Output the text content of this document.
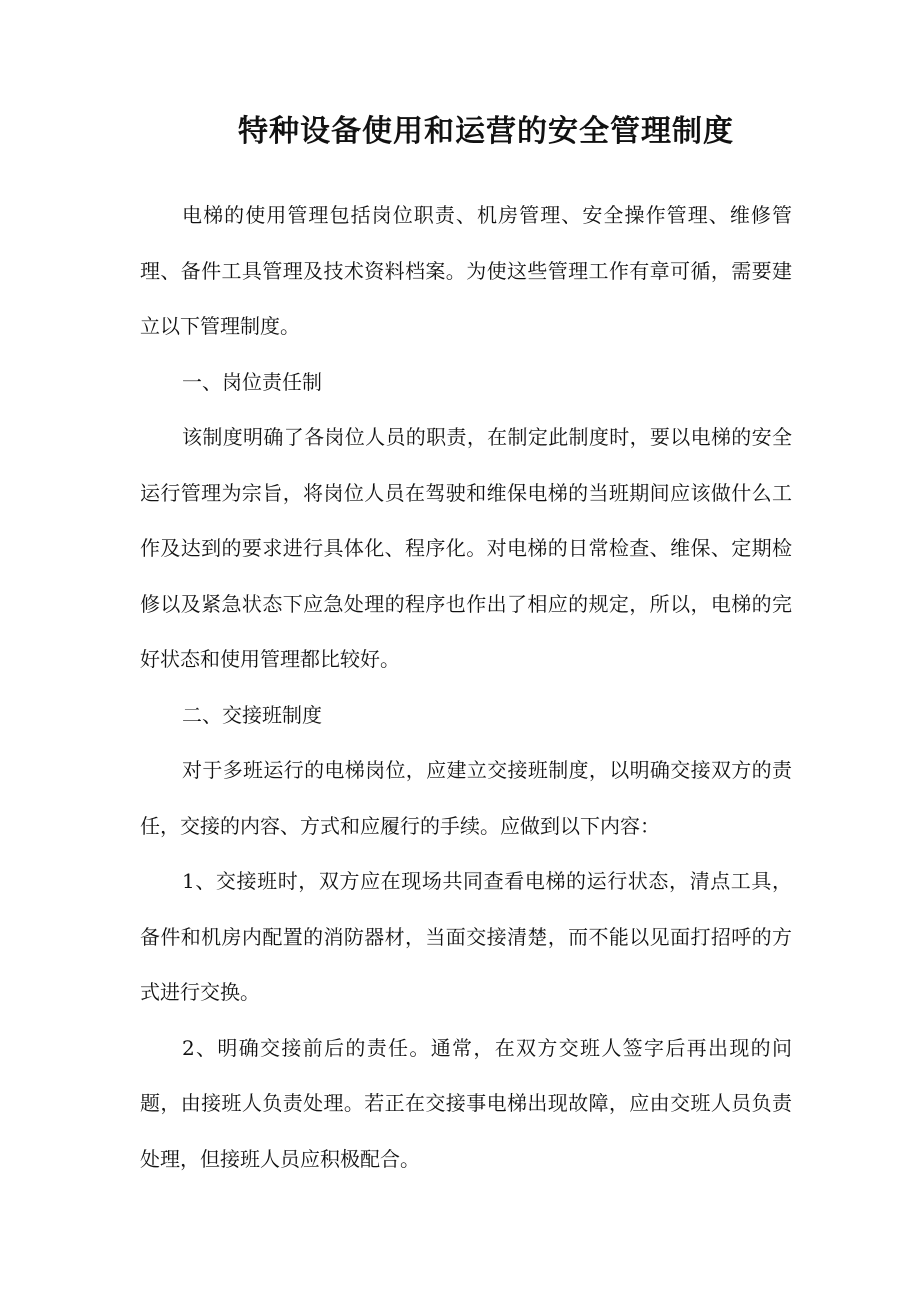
特种设备使用和运营的安全管理制度

电梯的使用管理包括岗位职责、机房管理、安全操作管理、维修管理、备件工具管理及技术资料档案。为使这些管理工作有章可循，需要建立以下管理制度。

一、岗位责任制

该制度明确了各岗位人员的职责，在制定此制度时，要以电梯的安全运行管理为宗旨，将岗位人员在驾驶和维保电梯的当班期间应该做什么工作及达到的要求进行具体化、程序化。对电梯的日常检查、维保、定期检修以及紧急状态下应急处理的程序也作出了相应的规定，所以，电梯的完好状态和使用管理都比较好。

二、交接班制度

对于多班运行的电梯岗位，应建立交接班制度，以明确交接双方的责任，交接的内容、方式和应履行的手续。应做到以下内容：

1、交接班时，双方应在现场共同查看电梯的运行状态，清点工具，备件和机房内配置的消防器材，当面交接清楚，而不能以见面打招呼的方式进行交换。

2、明确交接前后的责任。通常，在双方交班人签字后再出现的问题，由接班人负责处理。若正在交接事电梯出现故障，应由交班人员负责处理，但接班人员应积极配合。
